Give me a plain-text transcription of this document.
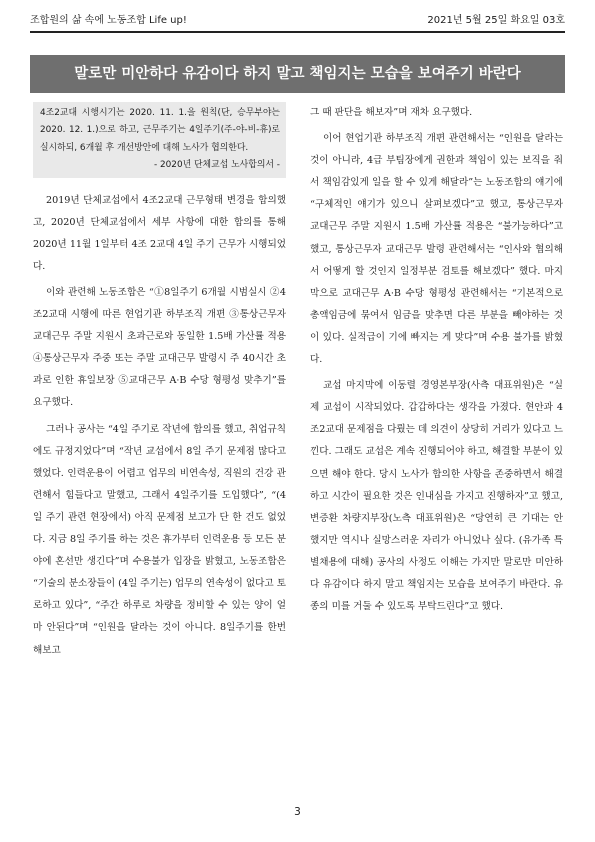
조합원의 삶 속에 노동조합 Life up!	2021년 5월 25일 화요일 03호
말로만 미안하다 유감이다 하지 말고 책임지는 모습을 보여주기 바란다
4조2교대 시행시기는 2020. 11. 1.을 원칙(단, 승무부야는 2020. 12. 1.)으로 하고, 근무주기는 4일주기(주-야-비-휴)로 실시하되, 6개월 후 개선방안에 대해 노사가 협의한다.
- 2020년 단체교섭 노사합의서 -

2019년 단체교섭에서 4조2교대 근무형태 변경을 합의했고, 2020년 단체교섭에서 세부 사항에 대한 합의를 통해 2020년 11월 1일부터 4조 2교대 4일 주기 근무가 시행되었다.

이와 관련해 노동조합은 “①8일주기 6개월 시범실시 ②4조2교대 시행에 따른 현업기관 하부조직 개편 ③통상근무자 교대근무 주말 지원시 초과근로와 동일한 1.5배 가산률 적용 ④통상근무자 주중 또는 주말 교대근무 발령시 주 40시간 초과로 인한 휴일보장 ⑤교대근무 A·B 수당 형평성 맞추기”를 요구했다.

그러나 공사는 “4일 주기로 작년에 합의를 했고, 취업규칙에도 규정지었다”며 “작년 교섭에서 8일 주기 문제점 많다고 했었다. 인력운용이 어렵고 업무의 비연속성, 직원의 건강 관련해서 힘들다고 말했고, 그래서 4일주기를 도입했다”, “(4일 주기 관련 현장에서) 아직 문제점 보고가 단 한 건도 없었다. 지금 8일 주기를 하는 것은 휴가부터 인력운용 등 모든 분야에 혼선만 생긴다”며 수용불가 입장을 밝혔고, 노동조합은 “기술의 분소장들이 (4일 주기는) 업무의 연속성이 없다고 토로하고 있다”, “주간 하루로 차량을 정비할 수 있는 양이 얼마 안된다”며 “인원을 달라는 것이 아니다. 8일주기를 한번 해보고

그 때 판단을 해보자”며 재차 요구했다.

이어 현업기관 하부조직 개편 관련해서는 “인원을 달라는 것이 아니라, 4급 부팀장에게 권한과 책임이 있는 보직을 줘서 책임감있게 일을 할 수 있게 해달라”는 노동조합의 얘기에 “구체적인 얘기가 있으니 살펴보겠다”고 했고, 통상근무자 교대근무 주말 지원시 1.5배 가산률 적용은 “불가능하다”고 했고, 통상근무자 교대근무 발령 관련해서는 “인사와 협의해서 어떻게 할 것인지 일정부분 검토를 해보겠다” 했다. 마지막으로 교대근무 A·B 수당 형평성 관련해서는 “기본적으로 총액임금에 묶여서 임금을 맞추면 다른 부분을 빼야하는 것이 있다. 실적급이 기에 빠지는 게 맞다”며 수용 불가를 밝혔다.

교섭 마지막에 이동렬 경영본부장(사측 대표위원)은 “실제 교섭이 시작되었다. 갑갑하다는 생각을 가졌다. 현안과 4조2교대 문제점을 다뤘는 데 의견이 상당히 거리가 있다고 느낀다. 그래도 교섭은 계속 진행되어야 하고, 해결할 부분이 있으면 해야 한다. 당시 노사가 합의한 사항을 존중하면서 해결하고 시간이 필요한 것은 인내심을 가지고 진행하자”고 했고, 변증환 차량지부장(노측 대표위원)은 “당연히 큰 기대는 안 했지만 역시나 실망스러운 자리가 아니었나 싶다. (유가족 특별채용에 대해) 공사의 사정도 이해는 가지만 말로만 미안하다 유감이다 하지 말고 책임지는 모습을 보여주기 바란다. 유종의 미를 거둘 수 있도록 부탁드린다”고 했다.

3
